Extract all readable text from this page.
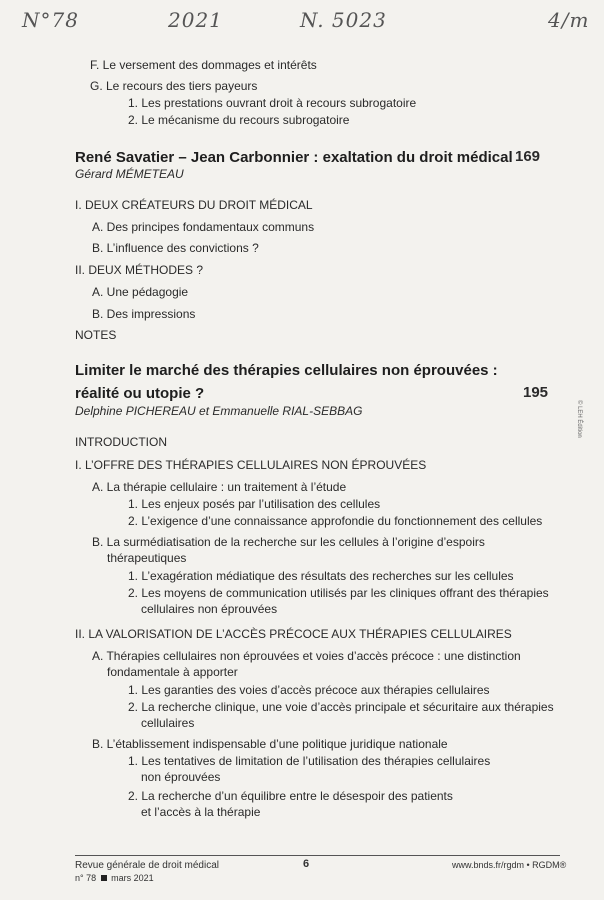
N°78	2021	N. 5023	4/m
F. Le versement des dommages et intérêts
G. Le recours des tiers payeurs
1. Les prestations ouvrant droit à recours subrogatoire
2. Le mécanisme du recours subrogatoire
René Savatier – Jean Carbonnier : exaltation du droit médical 169
Gérard MÉMETEAU
I. DEUX CRÉATEURS DU DROIT MÉDICAL
A. Des principes fondamentaux communs
B. L’influence des convictions ?
II. DEUX MÉTHODES ?
A. Une pédagogie
B. Des impressions
NOTES
Limiter le marché des thérapies cellulaires non éprouvées :
réalité ou utopie ?	195
Delphine PICHEREAU et Emmanuelle RIAL-SEBBAG
INTRODUCTION
I. L’OFFRE DES THÉRAPIES CELLULAIRES NON ÉPROUVÉES
A. La thérapie cellulaire : un traitement à l’étude
1. Les enjeux posés par l’utilisation des cellules
2. L’exigence d’une connaissance approfondie du fonctionnement des cellules
B. La surmédiatisation de la recherche sur les cellules à l’origine d’espoirs
thérapeutiques
1. L’exagération médiatique des résultats des recherches sur les cellules
2. Les moyens de communication utilisés par les cliniques offrant des thérapies
cellulaires non éprouvées
II. LA VALORISATION DE L’ACCÈS PRÉCOCE AUX THÉRAPIES CELLULAIRES
A. Thérapies cellulaires non éprouvées et voies d’accès précoce : une distinction
fondamentale à apporter
1. Les garanties des voies d’accès précoce aux thérapies cellulaires
2. La recherche clinique, une voie d’accès principale et sécuritaire aux thérapies
cellulaires
B. L’établissement indispensable d’une politique juridique nationale
1. Les tentatives de limitation de l’utilisation des thérapies cellulaires
non éprouvées
2. La recherche d’un équilibre entre le désespoir des patients
et l’accès à la thérapie
© LEH Édition
Revue générale de droit médical	6	www.bnds.fr/rgdm • RGDM®
n° 78 mars 2021
